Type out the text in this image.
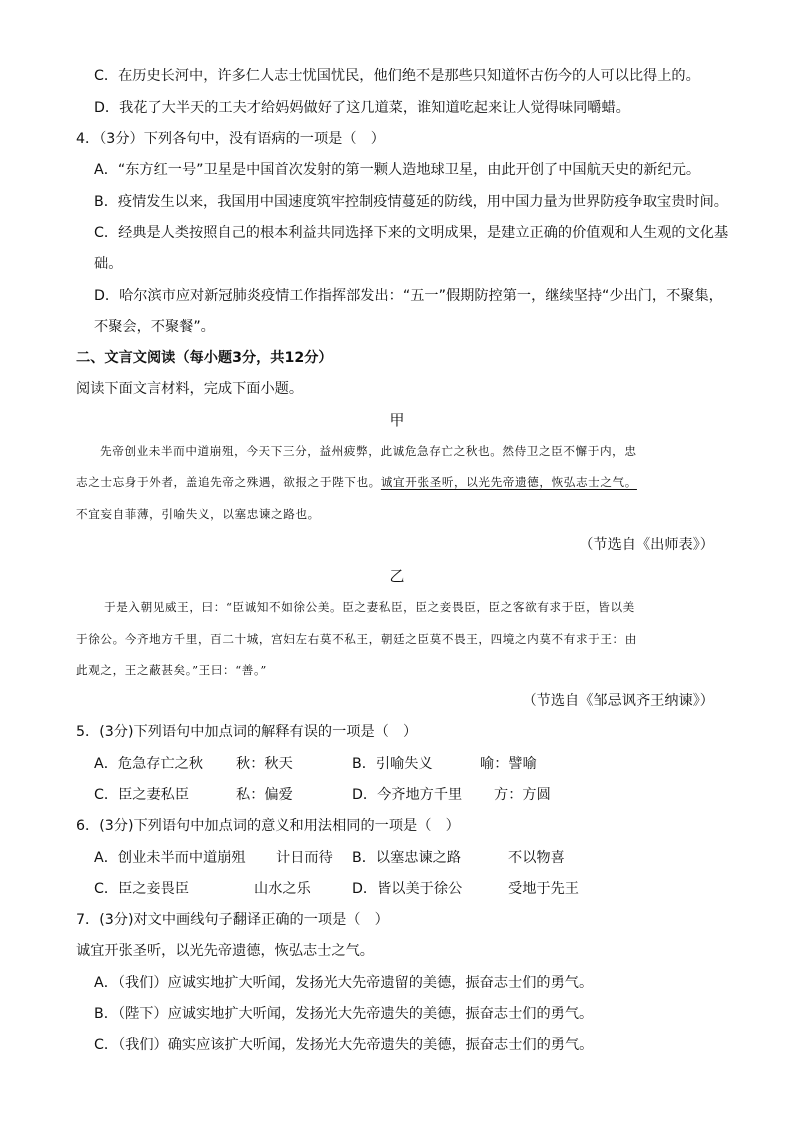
C．在历史长河中，许多仁人志士忧国忧民，他们绝不是那些只知道怀古伤今的人可以比得上的。
D．我花了大半天的工夫才给妈妈做好了这几道菜，谁知道吃起来让人觉得味同嚼蜡。
4．（3分）下列各句中，没有语病的一项是（　）
A．“东方红一号”卫星是中国首次发射的第一颗人造地球卫星，由此开创了中国航天史的新纪元。
B．疫情发生以来，我国用中国速度筑牢控制疫情蔓延的防线，用中国力量为世界防疫争取宝贵时间。
C．经典是人类按照自己的根本利益共同选择下来的文明成果，是建立正确的价值观和人生观的文化基
础。
D．哈尔滨市应对新冠肺炎疫情工作指挥部发出：“五一”假期防控第一，继续坚持“少出门，不聚集，
不聚会，不聚餐”。
二、文言文阅读（每小题3分，共12分）
阅读下面文言材料，完成下面小题。
甲
先帝创业未半而中道崩殂，今天下三分，益州疲弊，此诚危急存亡之秋也。然侍卫之臣不懈于内，忠
志之士忘身于外者，盖追先帝之殊遇，欲报之于陛下也。诚宜开张圣听，以光先帝遗德，恢弘志士之气。
不宜妄自菲薄，引喻失义，以塞忠谏之路也。
（节选自《出师表》）
乙
于是入朝见威王，曰：“臣诚知不如徐公美。臣之妻私臣，臣之妾畏臣，臣之客欲有求于臣，皆以美
于徐公。今齐地方千里，百二十城，宫妇左右莫不私王，朝廷之臣莫不畏王，四境之内莫不有求于王：由
此观之，王之蔽甚矣。”王曰：“善。”
（节选自《邹忌讽齐王纳谏》）
5．(3分)下列语句中加点词的解释有误的一项是（　）
A．危急存亡之秋 秋：秋天	B．引喻失义	喻：譬喻
C．臣之妻私臣	私：偏爱	D．今齐地方千里 方：方圆
6．(3分)下列语句中加点词的意义和用法相同的一项是（　）
A．创业未半而中道崩殂 计日而待 B．以塞忠谏之路	不以物喜
C．臣之妾畏臣	山水之乐	D．皆以美于徐公	受地于先王
7．(3分)对文中画线句子翻译正确的一项是（　）
诚宜开张圣听，以光先帝遗德，恢弘志士之气。
A．（我们）应诚实地扩大听闻，发扬光大先帝遗留的美德，振奋志士们的勇气。
B．（陛下）应诚实地扩大听闻，发扬光大先帝遗失的美德，振奋志士们的勇气。
C．（我们）确实应该扩大听闻，发扬光大先帝遗失的美德，振奋志士们的勇气。
